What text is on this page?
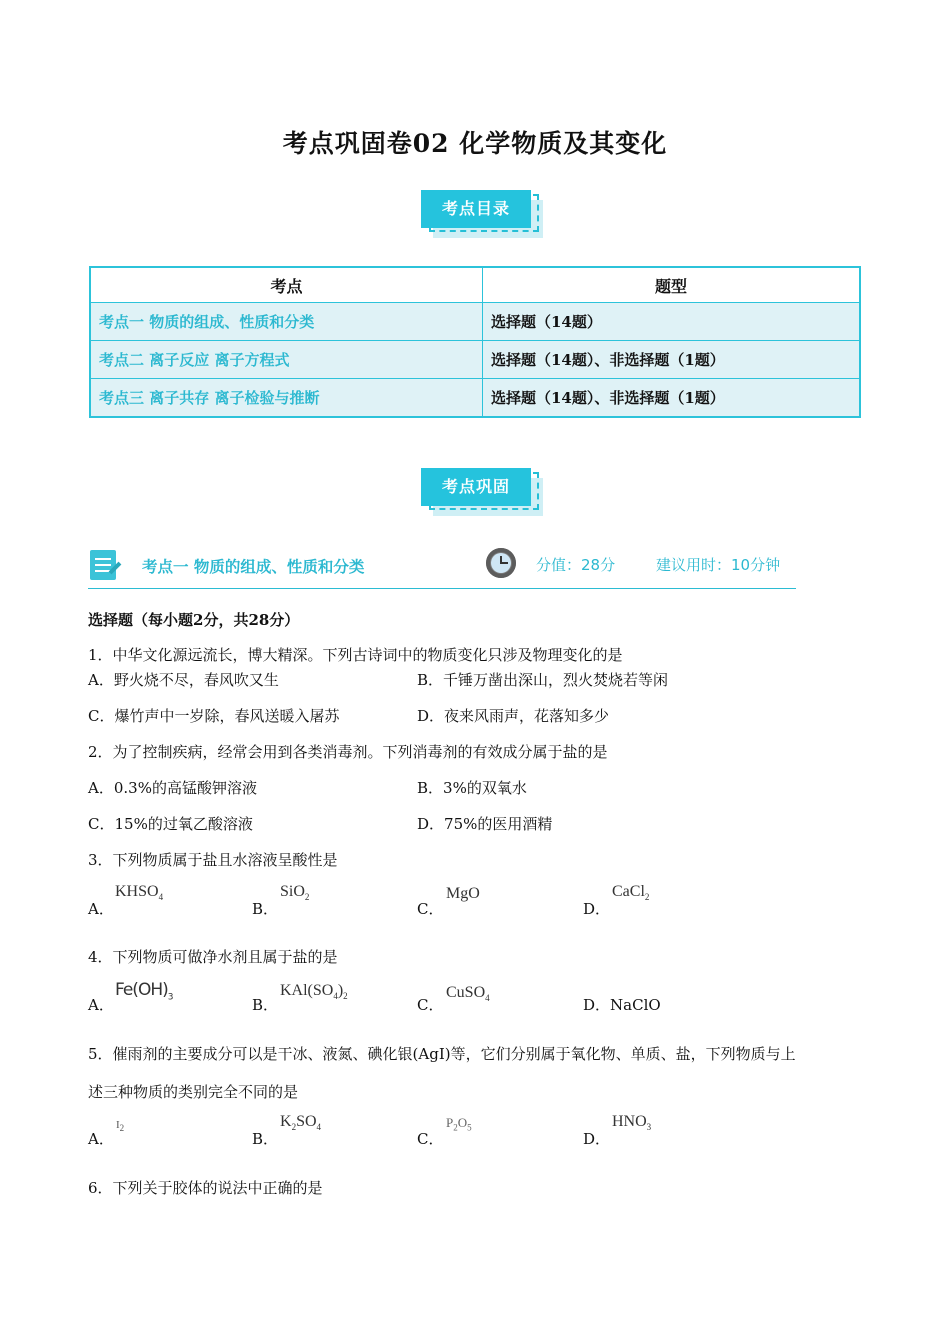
考点巩固卷02 化学物质及其变化
考点目录
考点	题型
考点一 物质的组成、性质和分类	选择题（14题）
考点二 离子反应 离子方程式	选择题（14题）、非选择题（1题）
考点三 离子共存 离子检验与推断	选择题（14题）、非选择题（1题）
考点巩固
考点一 物质的组成、性质和分类	分值：28分	建议用时：10分钟
选择题（每小题2分，共28分）
1．中华文化源远流长，博大精深。下列古诗词中的物质变化只涉及物理变化的是
A．野火烧不尽，春风吹又生	B．千锤万凿出深山，烈火焚烧若等闲
C．爆竹声中一岁除，春风送暖入屠苏	D．夜来风雨声，花落知多少
2．为了控制疾病，经常会用到各类消毒剂。下列消毒剂的有效成分属于盐的是
A．0.3%的高锰酸钾溶液	B．3%的双氧水
C．15%的过氧乙酸溶液	D．75%的医用酒精
3．下列物质属于盐且水溶液呈酸性是
A．
$KHSO_4$
B．
SiO$_2$
C．
MgO
D．
CaCl$_2$
4．下列物质可做净水剂且属于盐的是
A．
$Fe(OH)_3$	B．
$KAl(SO_4)_2$	C．
CuSO$_4$	D．NaClO
5．催雨剂的主要成分可以是干冰、液氮、碘化银(AgI)等，它们分别属于氧化物、单质、盐，下列物质与上
述三种物质的类别完全不同的是
A．
$I_2$
B．
$K_2SO_4$
C．
$P_2O_5$
D．
$HNO_3$
6．下列关于胶体的说法中正确的是
